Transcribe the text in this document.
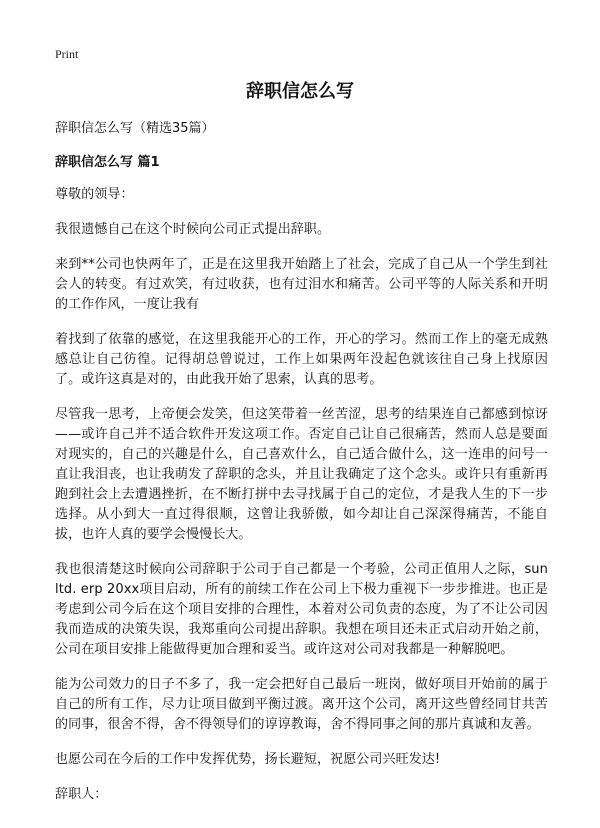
Print
辞职信怎么写
辞职信怎么写（精选35篇）
辞职信怎么写 篇1
尊敬的领导：
我很遗憾自己在这个时候向公司正式提出辞职。
来到**公司也快两年了，正是在这里我开始踏上了社会，完成了自己从一个学生到社会人的转变。有过欢笑，有过收获，也有过泪水和痛苦。公司平等的人际关系和开明的工作作风，一度让我有
着找到了依靠的感觉，在这里我能开心的工作，开心的学习。然而工作上的毫无成熟感总让自己彷徨。记得胡总曾说过，工作上如果两年没起色就该往自己身上找原因了。或许这真是对的，由此我开始了思索，认真的思考。
尽管我一思考，上帝便会发笑，但这笑带着一丝苦涩，思考的结果连自己都感到惊讶——或许自己并不适合软件开发这项工作。否定自己让自己很痛苦，然而人总是要面对现实的，自己的兴趣是什么，自己喜欢什么，自己适合做什么，这一连串的问号一直让我泪丧，也让我萌发了辞职的念头，并且让我确定了这个念头。或许只有重新再跑到社会上去遭遇挫折，在不断打拼中去寻找属于自己的定位，才是我人生的下一步选择。从小到大一直过得很顺，这曾让我骄傲，如今却让自己深深得痛苦，不能自拔，也许人真的要学会慢慢长大。
我也很清楚这时候向公司辞职于公司于自己都是一个考验，公司正值用人之际，sun ltd. erp 20xx项目启动，所有的前续工作在公司上下极力重视下一步步推进。也正是考虑到公司今后在这个项目安排的合理性，本着对公司负责的态度，为了不让公司因我而造成的决策失误，我郑重向公司提出辞职。我想在项目还未正式启动开始之前，公司在项目安排上能做得更加合理和妥当。或许这对公司对我都是一种解脱吧。
能为公司效力的日子不多了，我一定会把好自己最后一班岗，做好项目开始前的属于自己的所有工作，尽力让项目做到平衡过渡。离开这个公司，离开这些曾经同甘共苦的同事，很舍不得，舍不得领导们的谆谆教诲，舍不得同事之间的那片真诚和友善。
也愿公司在今后的工作中发挥优势，扬长避短，祝愿公司兴旺发达!
辞职人：
